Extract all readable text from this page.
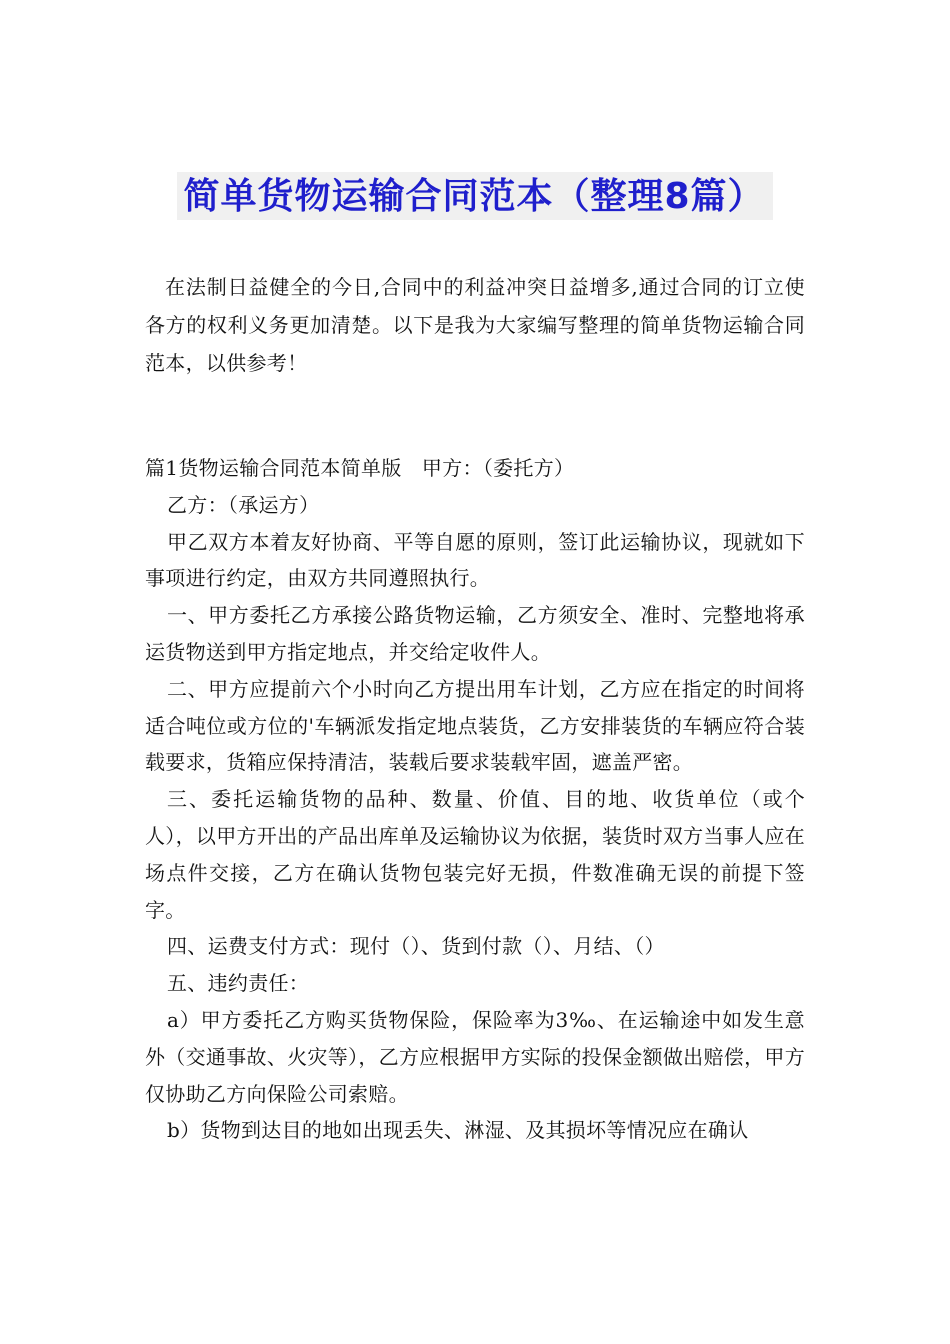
简单货物运输合同范本（整理8篇）

在法制日益健全的今日,合同中的利益冲突日益增多,通过合同的订立使各方的权利义务更加清楚。以下是我为大家编写整理的简单货物运输合同范本，以供参考！

篇1货物运输合同范本简单版　甲方：（委托方）

乙方：（承运方）

甲乙双方本着友好协商、平等自愿的原则，签订此运输协议，现就如下事项进行约定，由双方共同遵照执行。

一、甲方委托乙方承接公路货物运输，乙方须安全、准时、完整地将承运货物送到甲方指定地点，并交给定收件人。

二、甲方应提前六个小时向乙方提出用车计划，乙方应在指定的时间将适合吨位或方位的'车辆派发指定地点装货，乙方安排装货的车辆应符合装载要求，货箱应保持清洁，装载后要求装载牢固，遮盖严密。

三、委托运输货物的品种、数量、价值、目的地、收货单位（或个人），以甲方开出的产品出库单及运输协议为依据，装货时双方当事人应在场点件交接，乙方在确认货物包装完好无损，件数准确无误的前提下签字。

四、运费支付方式：现付（）、货到付款（）、月结、（）

五、违约责任：

a）甲方委托乙方购买货物保险，保险率为3‰、在运输途中如发生意外（交通事故、火灾等），乙方应根据甲方实际的投保金额做出赔偿，甲方仅协助乙方向保险公司索赔。

b）货物到达目的地如出现丢失、淋湿、及其损坏等情况应在确认
